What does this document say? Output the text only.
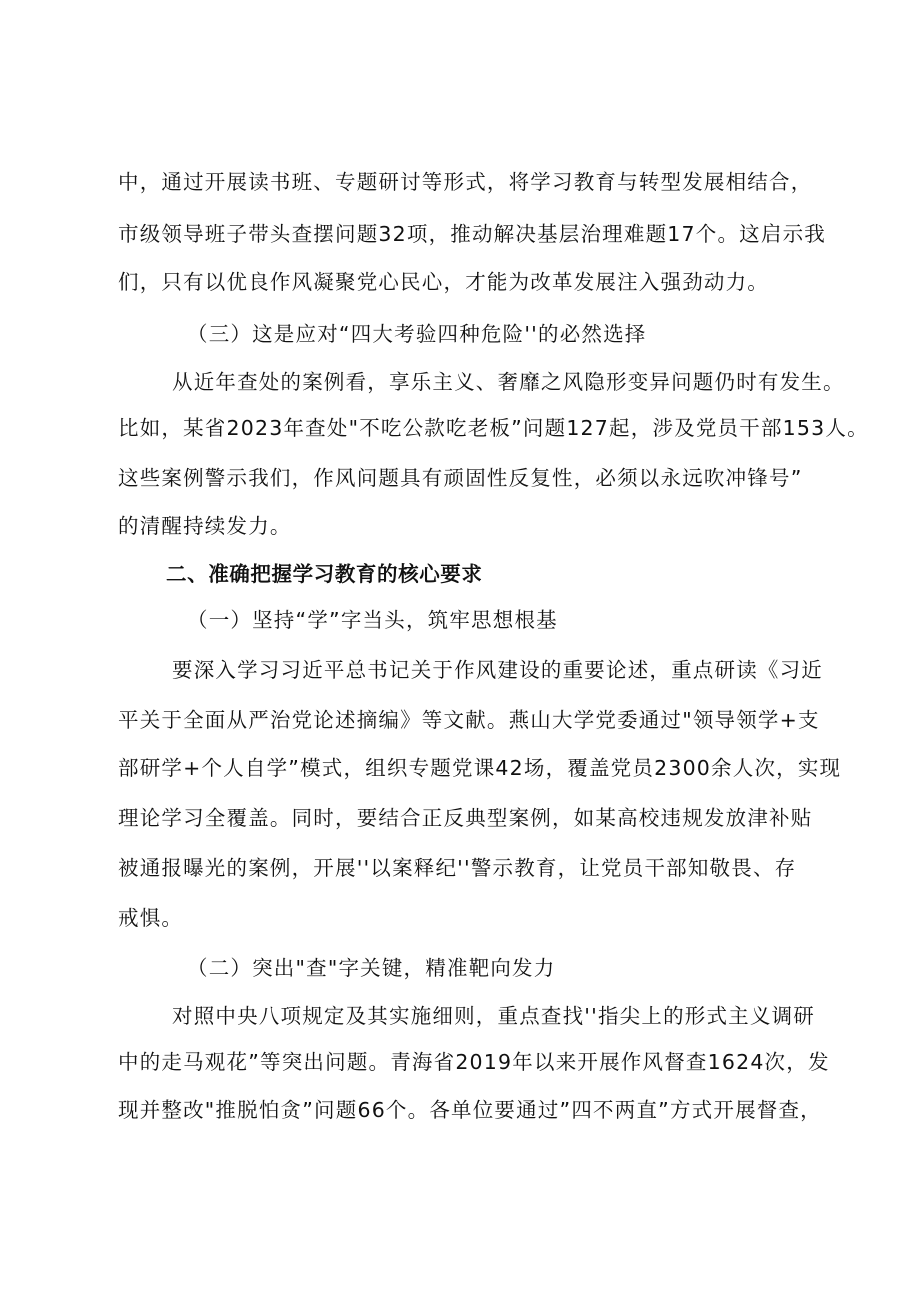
中，通过开展读书班、专题研讨等形式，将学习教育与转型发展相结合，

市级领导班子带头查摆问题32项，推动解决基层治理难题17个。这启示我

们，只有以优良作风凝聚党心民心，才能为改革发展注入强劲动力。

（三）这是应对“四大考验四种危险''的必然选择

从近年查处的案例看，享乐主义、奢靡之风隐形变异问题仍时有发生。

比如，某省2023年查处"不吃公款吃老板”问题127起，涉及党员干部153人。

这些案例警示我们，作风问题具有顽固性反复性，必须以永远吹冲锋号”

的清醒持续发力。

二、准确把握学习教育的核心要求

（一）坚持“学”字当头，筑牢思想根基

要深入学习习近平总书记关于作风建设的重要论述，重点研读《习近

平关于全面从严治党论述摘编》等文献。燕山大学党委通过"领导领学+支

部研学+个人自学”模式，组织专题党课42场，覆盖党员2300余人次，实现

理论学习全覆盖。同时，要结合正反典型案例，如某高校违规发放津补贴

被通报曝光的案例，开展''以案释纪''警示教育，让党员干部知敬畏、存

戒惧。

（二）突出"查"字关键，精准靶向发力

对照中央八项规定及其实施细则，重点查找''指尖上的形式主义调研

中的走马观花”等突出问题。青海省2019年以来开展作风督查1624次，发

现并整改"推脱怕贪”问题66个。各单位要通过”四不两直”方式开展督查，
